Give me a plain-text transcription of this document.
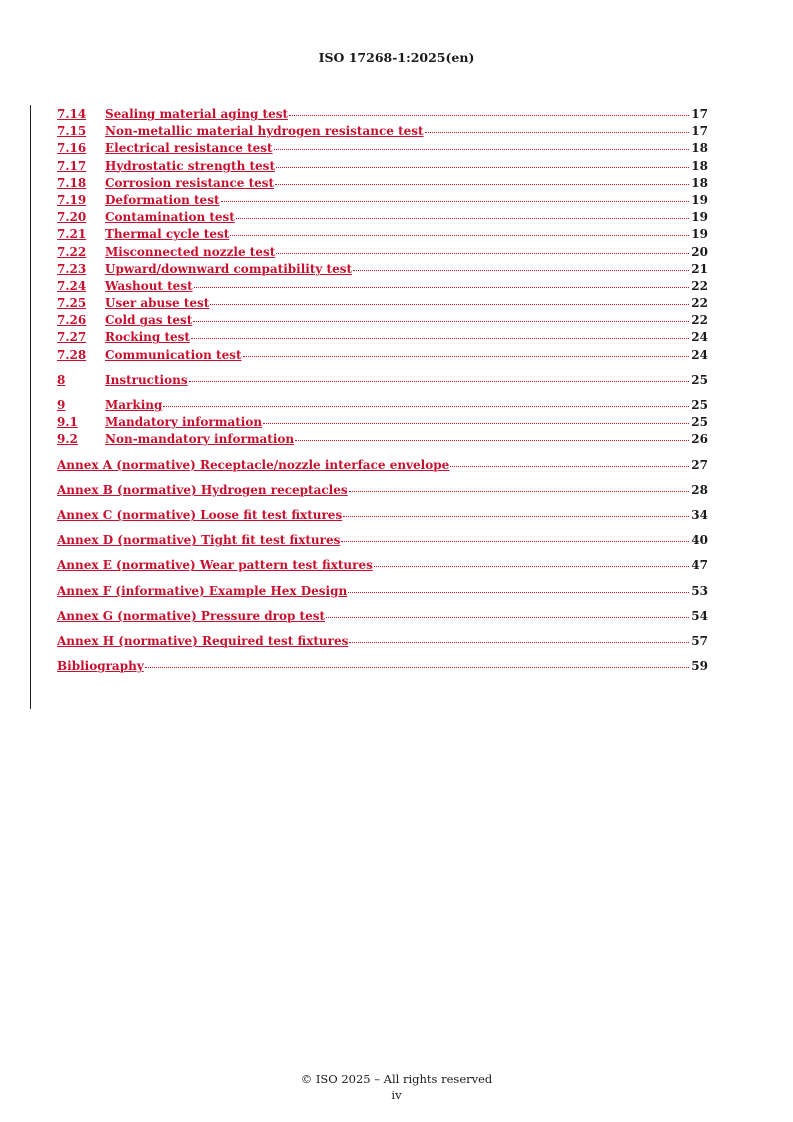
ISO 17268-1:2025(en)
7.14	Sealing material aging test	17
7.15	Non-metallic material hydrogen resistance test	17
7.16	Electrical resistance test	18
7.17	Hydrostatic strength test	18
7.18	Corrosion resistance test	18
7.19	Deformation test	19
7.20	Contamination test	19
7.21	Thermal cycle test	19
7.22	Misconnected nozzle test	20
7.23	Upward/downward compatibility test	21
7.24	Washout test	22
7.25	User abuse test	22
7.26	Cold gas test	22
7.27	Rocking test	24
7.28	Communication test	24
8	Instructions	25
9	Marking	25
9.1	Mandatory information	25
9.2	Non-mandatory information	26
Annex A (normative) Receptacle/nozzle interface envelope	27
Annex B (normative) Hydrogen receptacles	28
Annex C (normative) Loose fit test fixtures	34
Annex D (normative) Tight fit test fixtures	40
Annex E (normative) Wear pattern test fixtures	47
Annex F (informative) Example Hex Design	53
Annex G (normative) Pressure drop test	54
Annex H (normative) Required test fixtures	57
Bibliography	59
© ISO 2025 – All rights reserved
iv
